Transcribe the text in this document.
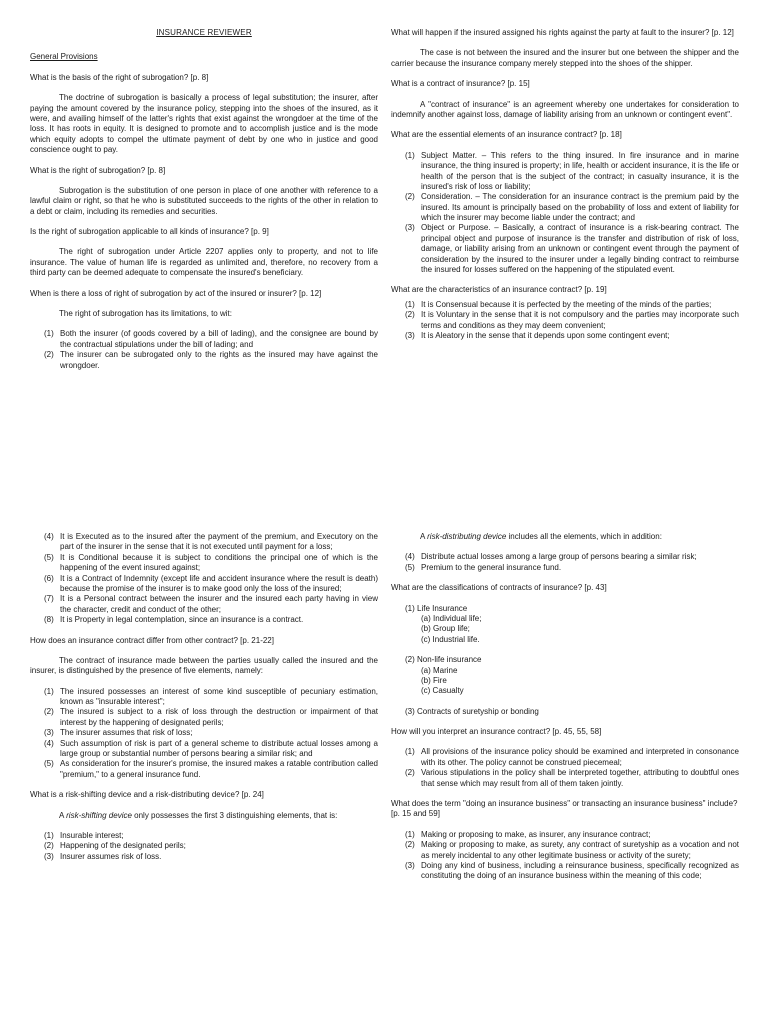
INSURANCE REVIEWER
General Provisions
What is the basis of the right of subrogation? [p. 8]
The doctrine of subrogation is basically a process of legal substitution; the insurer, after paying the amount covered by the insurance policy, stepping into the shoes of the insured, as it were, and availing himself of the latter's rights that exist against the wrongdoer at the time of the loss. It has roots in equity. It is designed to promote and to accomplish justice and is the mode which equity adopts to compel the ultimate payment of debt by one who in justice and good conscience ought to pay.
What is the right of subrogation? [p. 8]
Subrogation is the substitution of one person in place of one another with reference to a lawful claim or right, so that he who is substituted succeeds to the rights of the other in relation to a debt or claim, including its remedies and securities.
Is the right of subrogation applicable to all kinds of insurance? [p. 9]
The right of subrogation under Article 2207 applies only to property, and not to life insurance. The value of human life is regarded as unlimited and, therefore, no recovery from a third party can be deemed adequate to compensate the insured's beneficiary.
When is there a loss of right of subrogation by act of the insured or insurer? [p. 12]
The right of subrogation has its limitations, to wit:
(1) Both the insurer (of goods covered by a bill of lading), and the consignee are bound by the contractual stipulations under the bill of lading; and
(2) The insurer can be subrogated only to the rights as the insured may have against the wrongdoer.
What will happen if the insured assigned his rights against the party at fault to the insurer? [p. 12]
The case is not between the insured and the insurer but one between the shipper and the carrier because the insurance company merely stepped into the shoes of the shipper.
What is a contract of insurance? [p. 15]
A "contract of insurance" is an agreement whereby one undertakes for consideration to indemnify another against loss, damage of liability arising from an unknown or contingent event".
What are the essential elements of an insurance contract? [p. 18]
(1) Subject Matter. – This refers to the thing insured. In fire insurance and in marine insurance, the thing insured is property; in life, health or accident insurance, it is the life or health of the person that is the subject of the contract; in casualty insurance, it is the insured's risk of loss or liability;
(2) Consideration. – The consideration for an insurance contract is the premium paid by the insured. Its amount is principally based on the probability of loss and extent of liability for which the insurer may become liable under the contract; and
(3) Object or Purpose. – Basically, a contract of insurance is a risk-bearing contract. The principal object and purpose of insurance is the transfer and distribution of risk of loss, damage, or liability arising from an unknown or contingent event through the payment of consideration by the insured to the insurer under a legally binding contract to reimburse the insured for losses suffered on the happening of the stipulated event.
What are the characteristics of an insurance contract? [p. 19]
(1) It is Consensual because it is perfected by the meeting of the minds of the parties;
(2) It is Voluntary in the sense that it is not compulsory and the parties may incorporate such terms and conditions as they may deem convenient;
(3) It is Aleatory in the sense that it depends upon some contingent event;
(4) It is Executed as to the insured after the payment of the premium, and Executory on the part of the insurer in the sense that it is not executed until payment for a loss;
(5) It is Conditional because it is subject to conditions the principal one of which is the happening of the event insured against;
(6) It is a Contract of Indemnity (except life and accident insurance where the result is death) because the promise of the insurer is to make good only the loss of the insured;
(7) It is a Personal contract between the insurer and the insured each party having in view the character, credit and conduct of the other;
(8) It is Property in legal contemplation, since an insurance is a contract.
How does an insurance contract differ from other contract? [p. 21-22]
The contract of insurance made between the parties usually called the insured and the insurer, is distinguished by the presence of five elements, namely:
(1) The insured possesses an interest of some kind susceptible of pecuniary estimation, known as "insurable interest";
(2) The insured is subject to a risk of loss through the destruction or impairment of that interest by the happening of designated perils;
(3) The insurer assumes that risk of loss;
(4) Such assumption of risk is part of a general scheme to distribute actual losses among a large group or substantial number of persons bearing a similar risk; and
(5) As consideration for the insurer's promise, the insured makes a ratable contribution called "premium," to a general insurance fund.
What is a risk-shifting device and a risk-distributing device? [p. 24]
A risk-shifting device only possesses the first 3 distinguishing elements, that is:
(1) Insurable interest;
(2) Happening of the designated perils;
(3) Insurer assumes risk of loss.
A risk-distributing device includes all the elements, which in addition:
(4) Distribute actual losses among a large group of persons bearing a similar risk;
(5) Premium to the general insurance fund.
What are the classifications of contracts of insurance? [p. 43]
(1) Life Insurance
(a) Individual life;
(b) Group life;
(c) Industrial life.
(2) Non-life insurance
(a) Marine
(b) Fire
(c) Casualty
(3) Contracts of suretyship or bonding
How will you interpret an insurance contract? [p. 45, 55, 58]
(1) All provisions of the insurance policy should be examined and interpreted in consonance with its other. The policy cannot be construed piecemeal;
(2) Various stipulations in the policy shall be interpreted together, attributing to doubtful ones that sense which may result from all of them taken jointly.
What does the term "doing an insurance business" or transacting an insurance business" include? [p. 15 and 59]
(1) Making or proposing to make, as insurer, any insurance contract;
(2) Making or proposing to make, as surety, any contract of suretyship as a vocation and not as merely incidental to any other legitimate business or activity of the surety;
(3) Doing any kind of business, including a reinsurance business, specifically recognized as constituting the doing of an insurance business within the meaning of this code;
